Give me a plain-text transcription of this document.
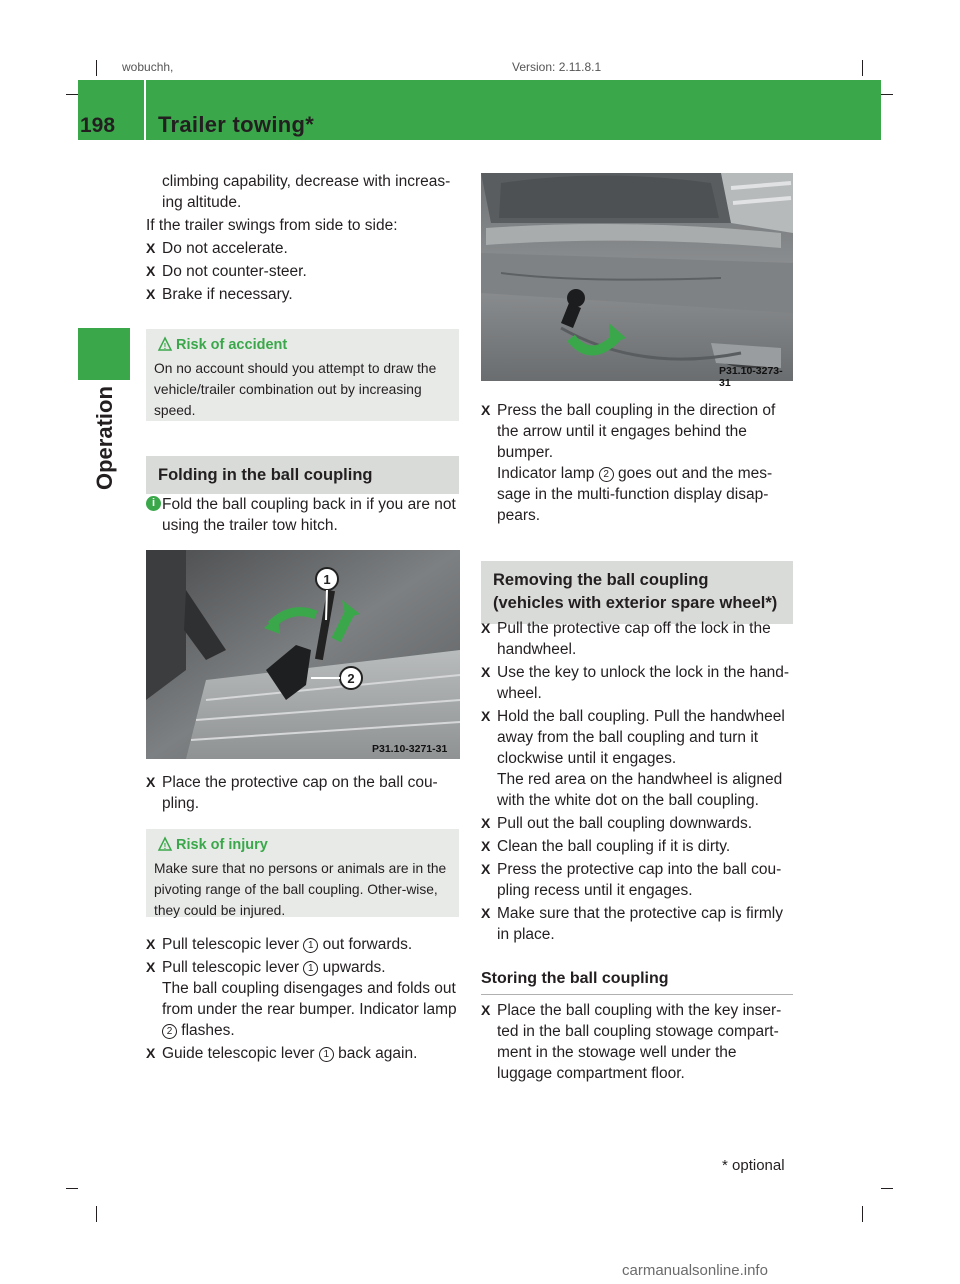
wobuchh,	Version: 2.11.8.1
198 Trailer towing*
Operation
climbing capability, decrease with increas-
ing altitude.
If the trailer swings from side to side:
X Do not accelerate.
X Do not counter-steer.
X Brake if necessary.
! Risk of accident
On no account should you attempt to draw the vehicle/trailer combination out by increasing speed.
Folding in the ball coupling
i Fold the ball coupling back in if you are not using the trailer tow hitch.
1
2
P31.10-3271-31
X Place the protective cap on the ball cou-pling.
! Risk of injury
Make sure that no persons or animals are in the pivoting range of the ball coupling. Other-wise, they could be injured.
X Pull telescopic lever 1 out forwards.
X Pull telescopic lever 1 upwards.
The ball coupling disengages and folds out from under the rear bumper. Indicator lamp 2 flashes.
X Guide telescopic lever 1 back again.
P31.10-3273-31
X Press the ball coupling in the direction of the arrow until it engages behind the bumper.
Indicator lamp 2 goes out and the mes-sage in the multi-function display disap-pears.
Removing the ball coupling (vehicles with exterior spare wheel*)
X Pull the protective cap off the lock in the handwheel.
X Use the key to unlock the lock in the hand-wheel.
X Hold the ball coupling. Pull the handwheel away from the ball coupling and turn it clockwise until it engages.
The red area on the handwheel is aligned with the white dot on the ball coupling.
X Pull out the ball coupling downwards.
X Clean the ball coupling if it is dirty.
X Press the protective cap into the ball cou-pling recess until it engages.
X Make sure that the protective cap is firmly in place.
Storing the ball coupling
X Place the ball coupling with the key inser-ted in the ball coupling stowage compart-ment in the stowage well under the luggage compartment floor.
* optional
carmanualsonline.info
